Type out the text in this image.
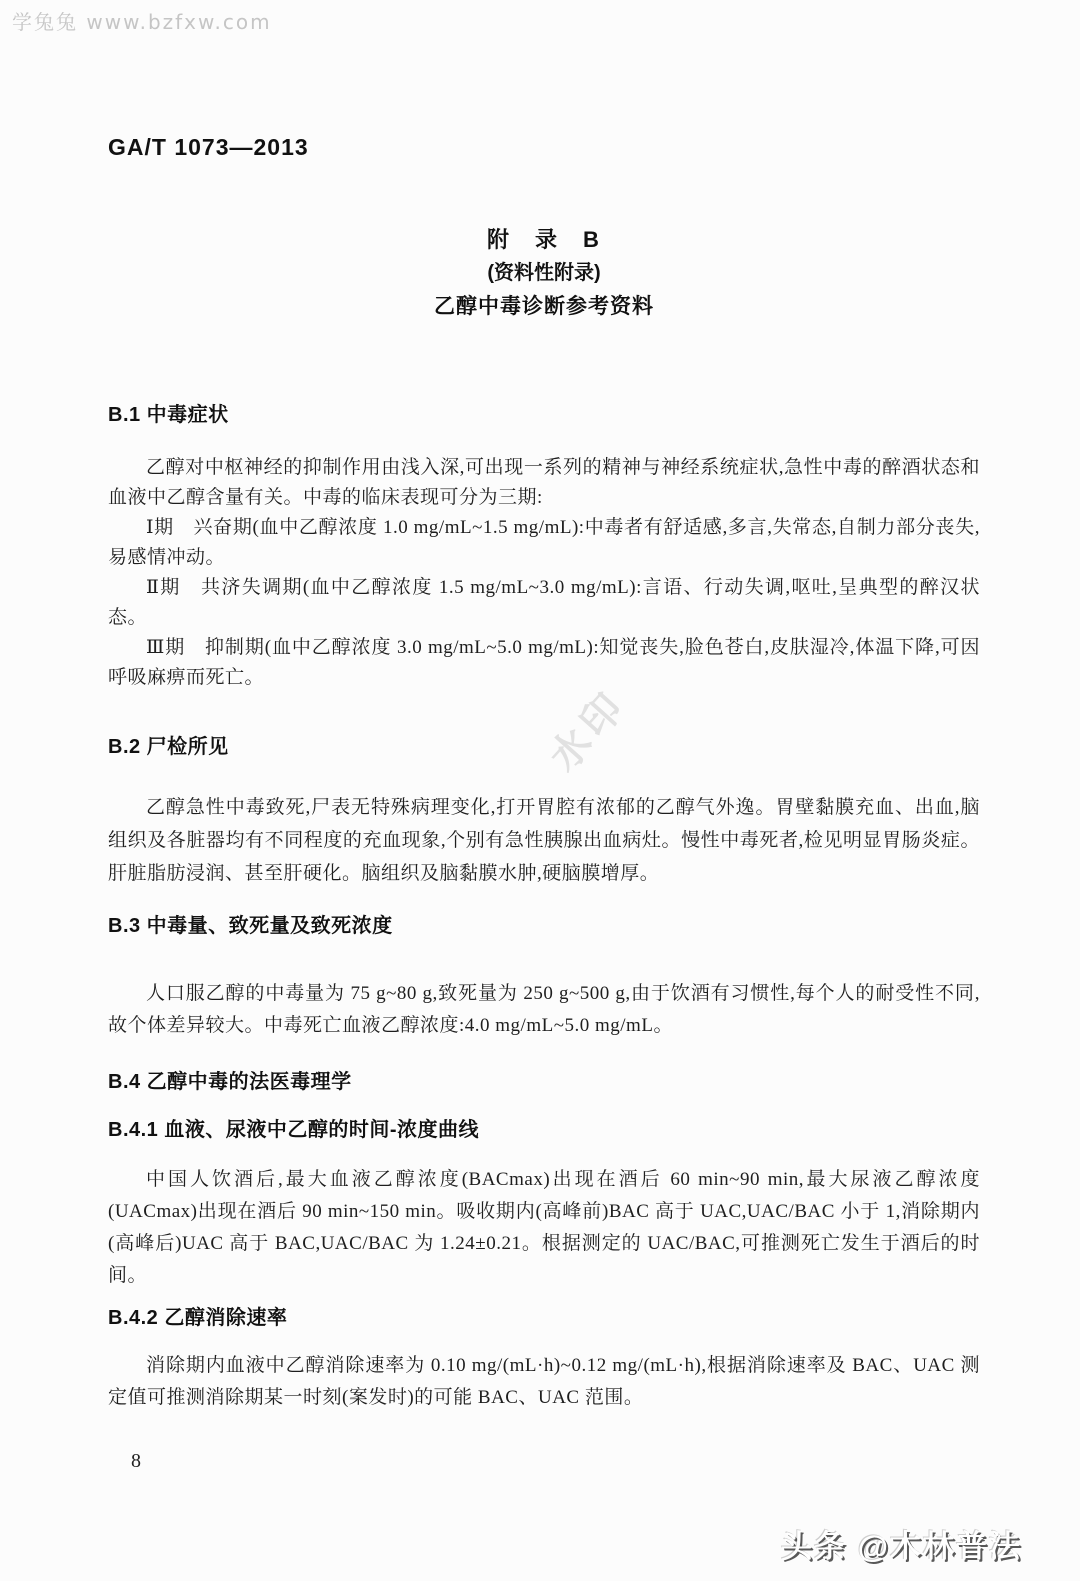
学兔兔 www.bzfxw.com
水印
GA/T 1073—2013
附　录　B
(资料性附录)
乙醇中毒诊断参考资料
B.1 中毒症状

乙醇对中枢神经的抑制作用由浅入深,可出现一系列的精神与神经系统症状,急性中毒的醉酒状态和血液中乙醇含量有关。中毒的临床表现可分为三期:

Ⅰ期　兴奋期(血中乙醇浓度 1.0 mg/mL~1.5 mg/mL):中毒者有舒适感,多言,失常态,自制力部分丧失,易感情冲动。

Ⅱ期　共济失调期(血中乙醇浓度 1.5 mg/mL~3.0 mg/mL):言语、行动失调,呕吐,呈典型的醉汉状态。

Ⅲ期　抑制期(血中乙醇浓度 3.0 mg/mL~5.0 mg/mL):知觉丧失,脸色苍白,皮肤湿冷,体温下降,可因呼吸麻痹而死亡。

B.2 尸检所见

乙醇急性中毒致死,尸表无特殊病理变化,打开胃腔有浓郁的乙醇气外逸。胃壁黏膜充血、出血,脑组织及各脏器均有不同程度的充血现象,个别有急性胰腺出血病灶。慢性中毒死者,检见明显胃肠炎症。肝脏脂肪浸润、甚至肝硬化。脑组织及脑黏膜水肿,硬脑膜增厚。

B.3 中毒量、致死量及致死浓度

人口服乙醇的中毒量为 75 g~80 g,致死量为 250 g~500 g,由于饮酒有习惯性,每个人的耐受性不同,故个体差异较大。中毒死亡血液乙醇浓度:4.0 mg/mL~5.0 mg/mL。

B.4 乙醇中毒的法医毒理学
B.4.1 血液、尿液中乙醇的时间-浓度曲线

中国人饮酒后,最大血液乙醇浓度(BACmax)出现在酒后 60 min~90 min,最大尿液乙醇浓度(UACmax)出现在酒后 90 min~150 min。吸收期内(高峰前)BAC 高于 UAC,UAC/BAC 小于 1,消除期内(高峰后)UAC 高于 BAC,UAC/BAC 为 1.24±0.21。根据测定的 UAC/BAC,可推测死亡发生于酒后的时间。

B.4.2 乙醇消除速率

消除期内血液中乙醇消除速率为 0.10 mg/(mL·h)~0.12 mg/(mL·h),根据消除速率及 BAC、UAC 测定值可推测消除期某一时刻(案发时)的可能 BAC、UAC 范围。

8
头条 @木林普法
